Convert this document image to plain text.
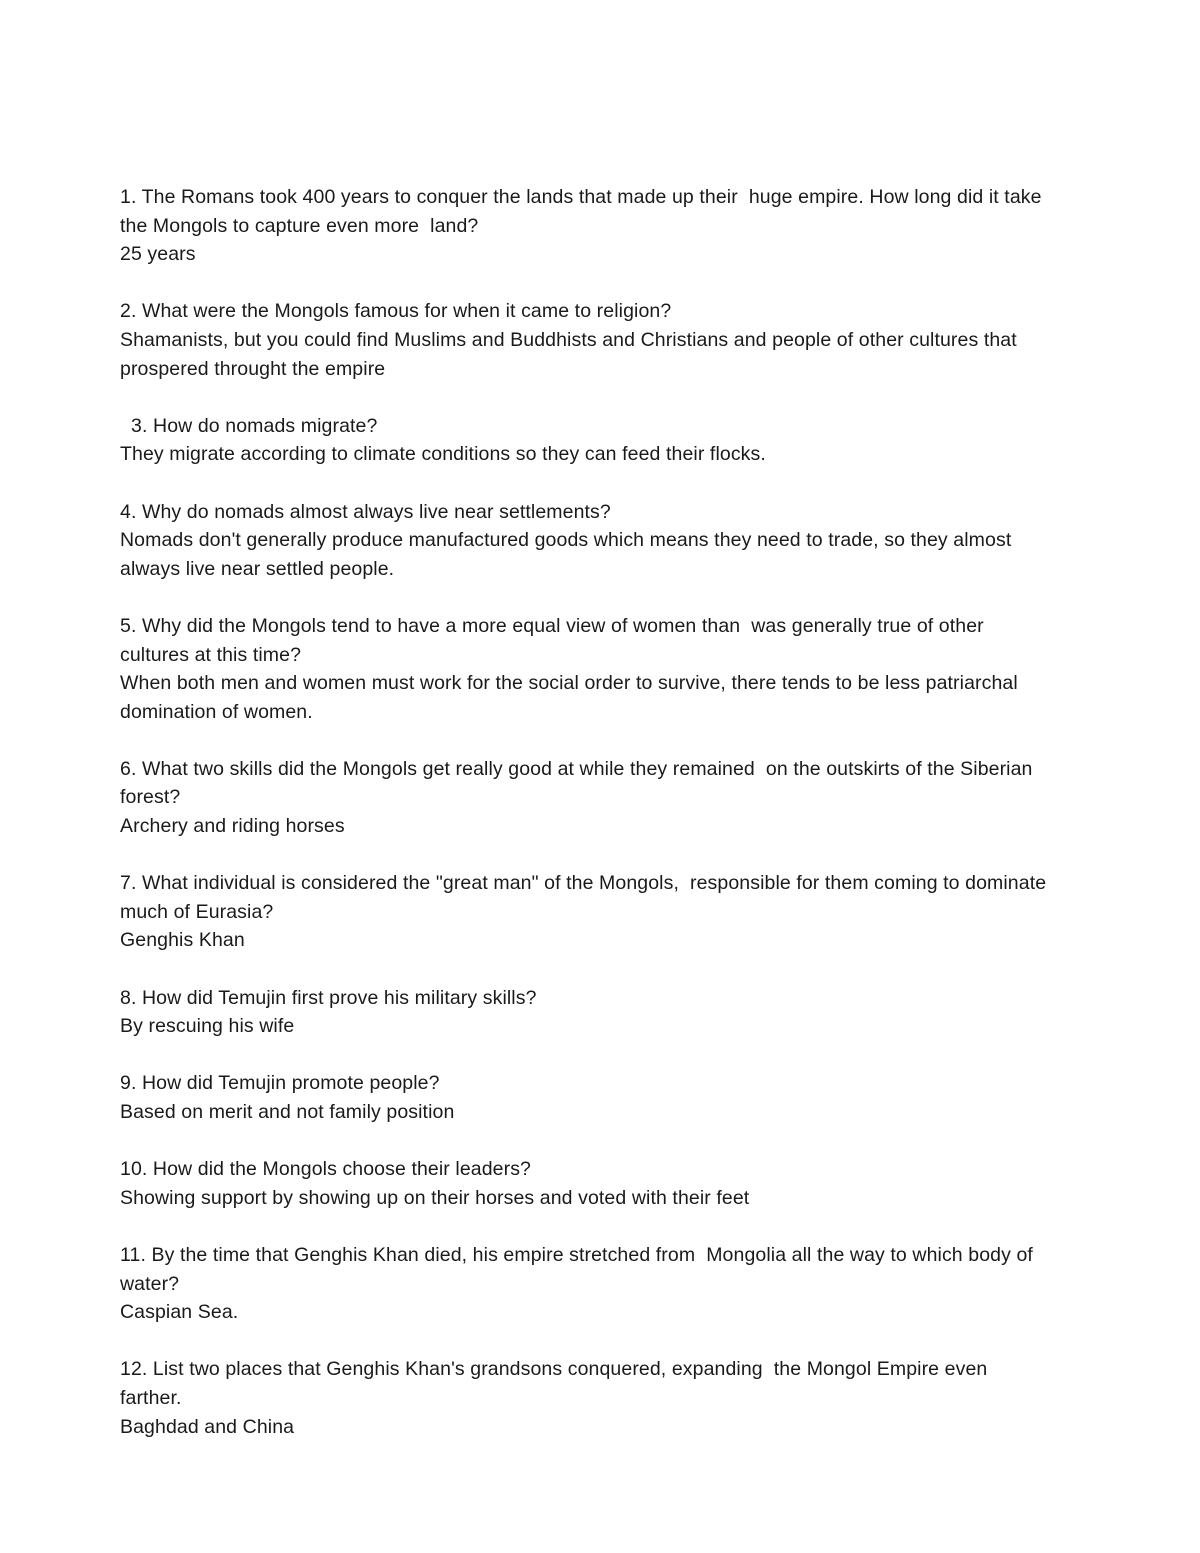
1. The Romans took 400 years to conquer the lands that made up their  huge empire. How long did it take the Mongols to capture even more  land?

25 years

2. What were the Mongols famous for when it came to religion?

Shamanists, but you could find Muslims and Buddhists and Christians and people of other cultures that prospered throught the empire

3. How do nomads migrate?

They migrate according to climate conditions so they can feed their flocks.

4. Why do nomads almost always live near settlements?

Nomads don't generally produce manufactured goods which means they need to trade, so they almost always live near settled people.

5. Why did the Mongols tend to have a more equal view of women than  was generally true of other cultures at this time?

When both men and women must work for the social order to survive, there tends to be less patriarchal domination of women.

6. What two skills did the Mongols get really good at while they remained  on the outskirts of the Siberian forest?

Archery and riding horses

7. What individual is considered the "great man" of the Mongols,  responsible for them coming to dominate much of Eurasia?

Genghis Khan

8. How did Temujin first prove his military skills?

By rescuing his wife

9. How did Temujin promote people?

Based on merit and not family position

10. How did the Mongols choose their leaders?

Showing support by showing up on their horses and voted with their feet

11. By the time that Genghis Khan died, his empire stretched from  Mongolia all the way to which body of water?

Caspian Sea.

12. List two places that Genghis Khan's grandsons conquered, expanding  the Mongol Empire even farther.

Baghdad and China
